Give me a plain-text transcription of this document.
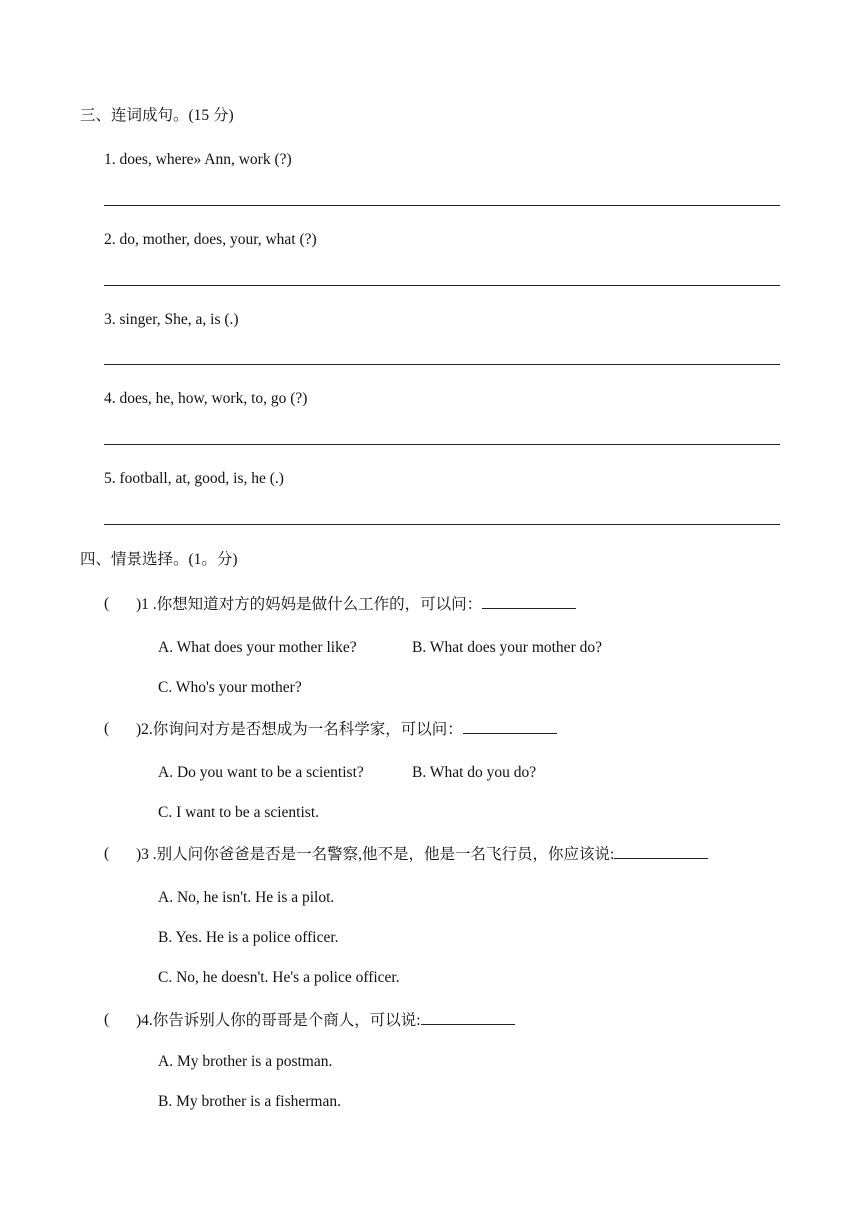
三、连词成句。(15 分)
1. does, where» Ann, work (?)
2. do, mother, does, your, what (?)
3. singer, She, a, is (.)
4. does, he, how, work, to, go (?)
5. football, at, good, is, he (.)
四、情景选择。(1。分)
( )1 .你想知道对方的妈妈是做什么工作的，可以问：
A. What does your mother like?	B. What does your mother do?
C. Who's your mother?
( )2.你询问对方是否想成为一名科学家，可以问：
A. Do you want to be a scientist?	B. What do you do?
C. I want to be a scientist.
( )3 .别人问你爸爸是否是一名警察,他不是，他是一名飞行员，你应该说:
A. No, he isn't. He is a pilot.
B. Yes. He is a police officer.
C. No, he doesn't. He's a police officer.
( )4.你告诉别人你的哥哥是个商人，可以说:
A. My brother is a postman.
B. My brother is a fisherman.
